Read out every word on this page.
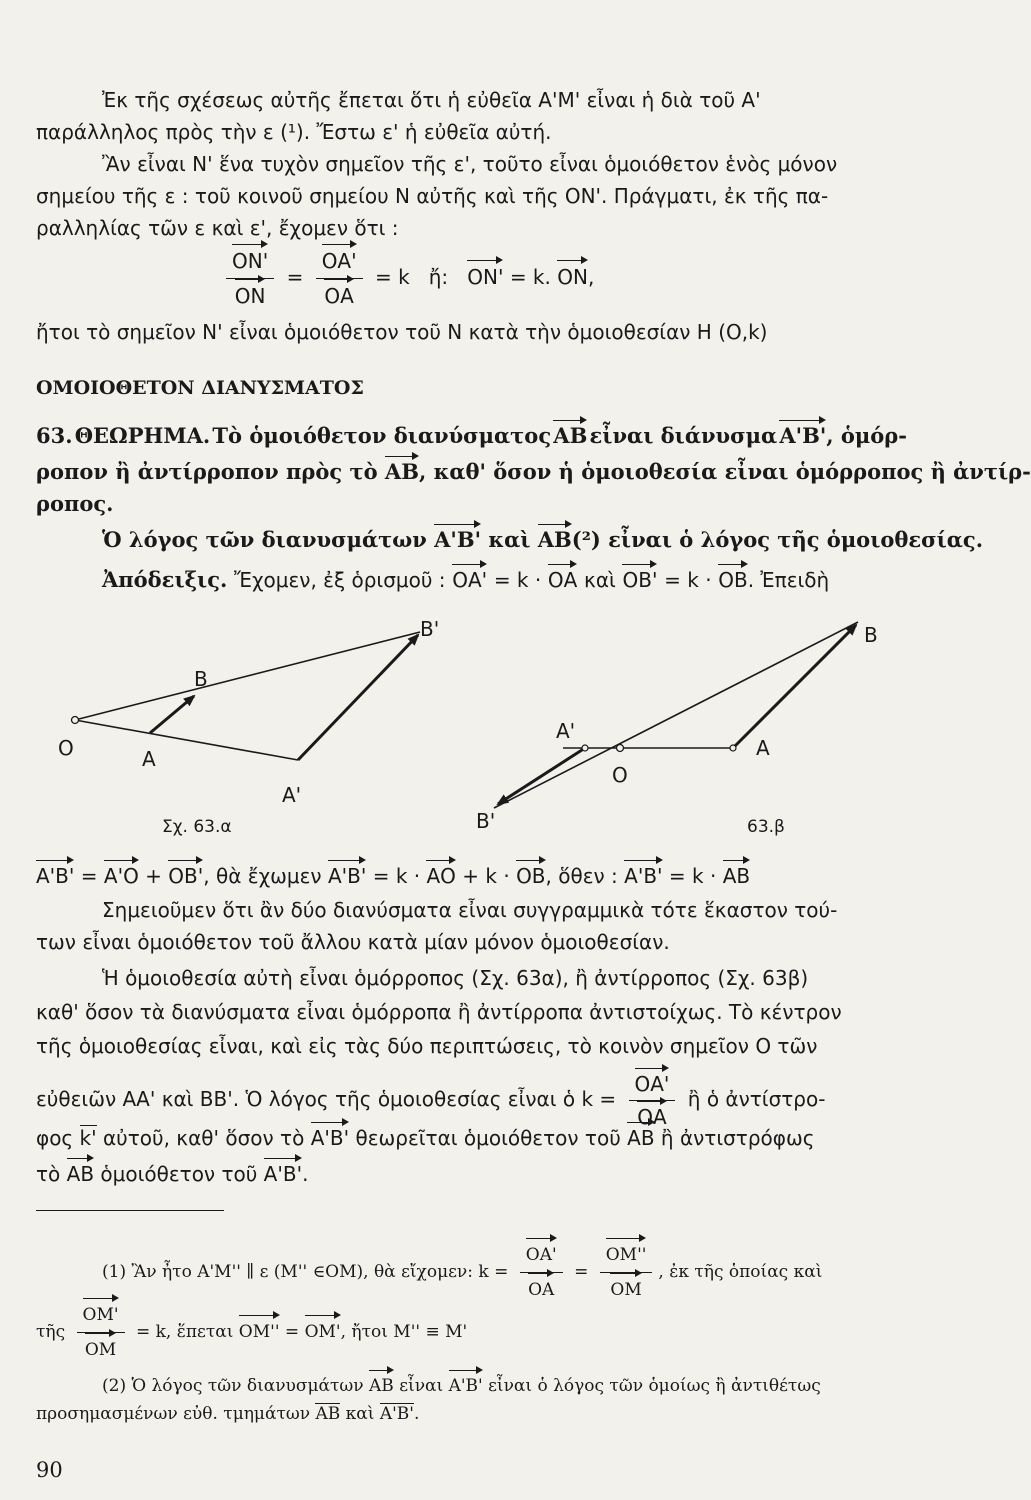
Ἐκ τῆς σχέσεως αὐτῆς ἔπεται ὅτι ἡ εὐθεῖα Α'Μ' εἶναι ἡ διὰ τοῦ Α'
παράλληλος πρὸς τὴν ε (¹). Ἔστω ε' ἡ εὐθεῖα αὐτή.
Ἂν εἶναι Ν' ἕνα τυχὸν σημεῖον τῆς ε', τοῦτο εἶναι ὁμοιόθετον ἑνὸς μόνον
σημείου τῆς ε : τοῦ κοινοῦ σημείου Ν αὐτῆς καὶ τῆς ΟΝ'. Πράγματι, ἐκ τῆς πα-
ραλληλίας τῶν ε καὶ ε', ἔχομεν ὅτι :
$\frac{ON'}{ON} = \frac{OA'}{OA} = k$ ἤ: ΟΝ' = k. ΟΝ,
ἤτοι τὸ σημεῖον Ν' εἶναι ὁμοιόθετον τοῦ Ν κατὰ τὴν ὁμοιοθεσίαν Η (Ο,k)
ΟΜΟΙΟΘΕΤΟΝ ΔΙΑΝΥΣΜΑΤΟΣ
63. ΘΕΩΡΗΜΑ. Τὸ ὁμοιόθετον διανύσματος ΑΒ εἶναι διάνυσμα Α'Β', ὁμόρ-
ροπον ἢ ἀντίρροπον πρὸς τὸ ΑΒ, καθ' ὅσον ἡ ὁμοιοθεσία εἶναι ὁμόρροπος ἢ ἀντίρ-
ροπος.
Ὁ λόγος τῶν διανυσμάτων Α'Β' καὶ ΑΒ(²) εἶναι ὁ λόγος τῆς ὁμοιοθεσίας.
Ἀπόδειξις. Ἔχομεν, ἐξ ὁρισμοῦ : ΟΑ' = k · ΟΑ καὶ ΟΒ' = k · ΟΒ. Ἐπειδὴ
Ο	Α
Β
Α'
Β'
Σχ. 63.α
Ο
Α
Β
Α'
Β'	63.β
Α'Β' = Α'Ο + ΟΒ', θὰ ἔχωμεν Α'Β' = k · ΑΟ + k · ΟΒ, ὅθεν : Α'Β' = k · ΑΒ
Σημειοῦμεν ὅτι ἂν δύο διανύσματα εἶναι συγγραμμικὰ τότε ἕκαστον τού-
των εἶναι ὁμοιόθετον τοῦ ἄλλου κατὰ μίαν μόνον ὁμοιοθεσίαν.
Ἡ ὁμοιοθεσία αὐτὴ εἶναι ὁμόρροπος (Σχ. 63α), ἢ ἀντίρροπος (Σχ. 63β)
καθ' ὅσον τὰ διανύσματα εἶναι ὁμόρροπα ἢ ἀντίρροπα ἀντιστοίχως. Τὸ κέντρον
τῆς ὁμοιοθεσίας εἶναι, καὶ εἰς τὰς δύο περιπτώσεις, τὸ κοινὸν σημεῖον Ο τῶν
εὐθειῶν ΑΑ' καὶ ΒΒ'. Ὁ λόγος τῆς ὁμοιοθεσίας εἶναι ὁ $k = \frac{OA'}{OA}$ ἢ ὁ ἀντίστρο-
φος k' αὐτοῦ, καθ' ὅσον τὸ Α'Β' θεωρεῖται ὁμοιόθετον τοῦ ΑΒ ἢ ἀντιστρόφως
τὸ ΑΒ ὁμοιόθετον τοῦ Α'Β'.
(1) Ἂν ἦτο Α'Μ'' ∥ ε (Μ'' ∈ΟΜ), θὰ εἴχομεν: $k = \frac{OA'}{OA} = \frac{OM''}{OM}$ , ἐκ τῆς ὁποίας καὶ
τῆς $\frac{OM'}{OM} = k$, ἕπεται ΟΜ'' = ΟΜ', ἤτοι Μ'' ≡ Μ'
(2) Ὁ λόγος τῶν διανυσμάτων ΑΒ εἶναι Α'Β' εἶναι ὁ λόγος τῶν ὁμοίως ἢ ἀντιθέτως
προσημασμένων εὐθ. τμημάτων ΑΒ καὶ Α'Β'.
90
